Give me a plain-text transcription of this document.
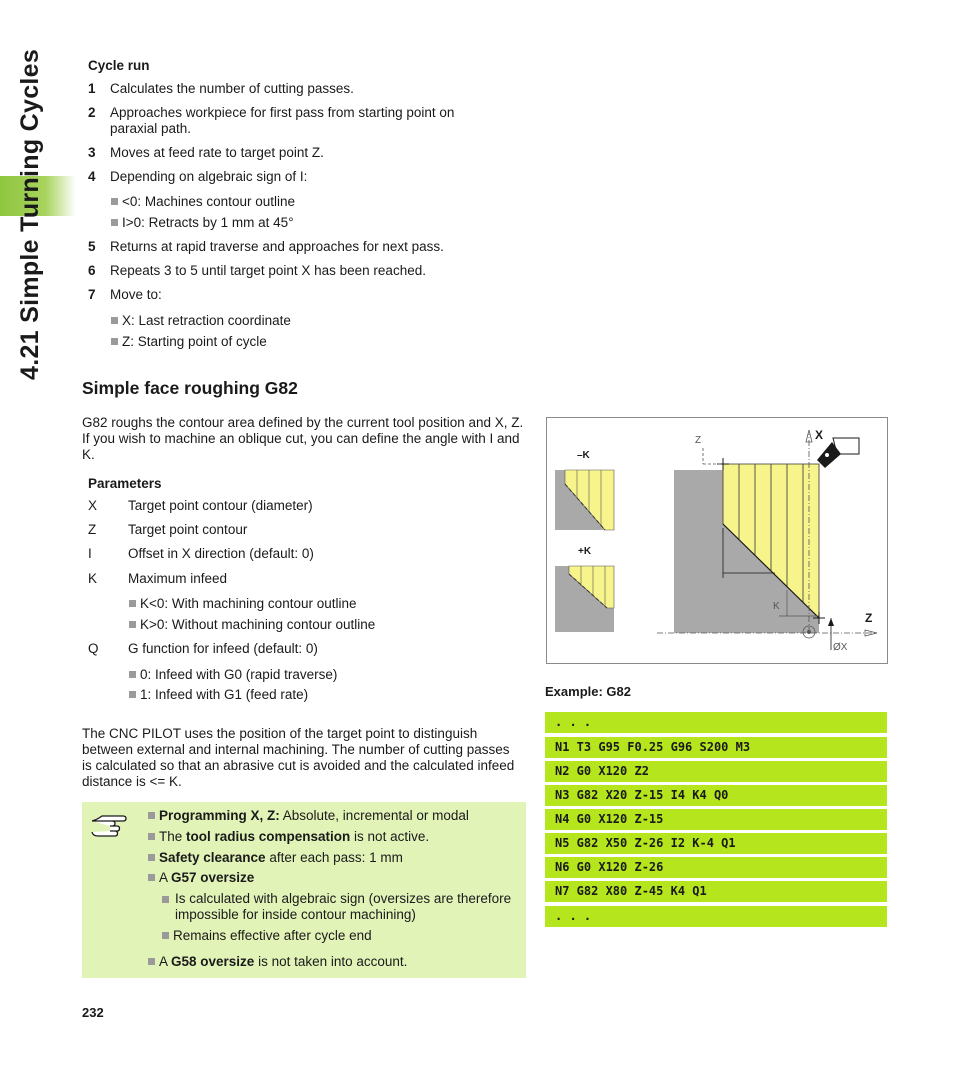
4.21 Simple Turning Cycles	Cycle run
1 Calculates the number of cutting passes.
2 Approaches workpiece for first pass from starting point on paraxial path.
3 Moves at feed rate to target point Z.
4 Depending on algebraic sign of I:
<0: Machines contour outline
I>0: Retracts by 1 mm at 45°
5 Returns at rapid traverse and approaches for next pass.
6 Repeats 3 to 5 until target point X has been reached.
7 Move to:
X: Last retraction coordinate
Z: Starting point of cycle
Simple face roughing G82
G82 roughs the contour area defined by the current tool position and X, Z. If you wish to machine an oblique cut, you can define the angle with I and K.
Parameters
X Target point contour (diameter)
Z Target point contour
I	Offset in X direction (default: 0)
K Maximum infeed
K<0: With machining contour outline
K>0: Without machining contour outline
Q G function for infeed (default: 0)
0: Infeed with G0 (rapid traverse)
1: Infeed with G1 (feed rate)
The CNC PILOT uses the position of the target point to distinguish between external and internal machining. The number of cutting passes is calculated so that an abrasive cut is avoided and the calculated infeed distance is <= K.
Programming X, Z: Absolute, incremental or modal
The tool radius compensation is not active.
Safety clearance after each pass: 1 mm
A G57 oversize
Is calculated with algebraic sign (oversizes are therefore impossible for inside contour machining)
Remains effective after cycle end
A G58 oversize is not taken into account.
232
–K
+K
Z	X
Z
K
ØX
Example: G82
. . .
N1 T3 G95 F0.25 G96 S200 M3
N2 G0 X120 Z2
N3 G82 X20 Z-15 I4 K4 Q0
N4 G0 X120 Z-15
N5 G82 X50 Z-26 I2 K-4 Q1
N6 G0 X120 Z-26
N7 G82 X80 Z-45 K4 Q1
. . .
